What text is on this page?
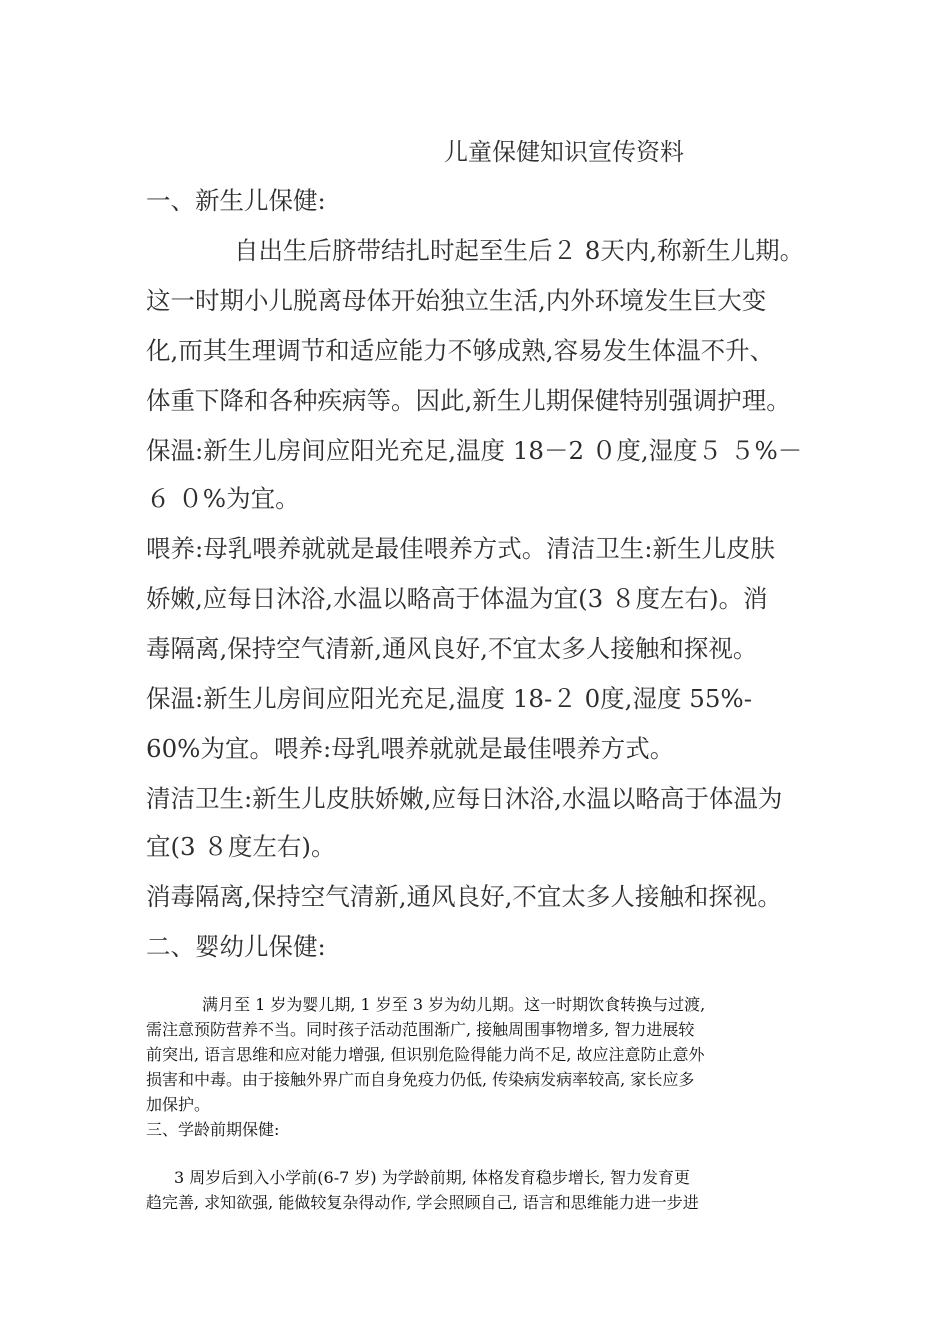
儿童保健知识宣传资料
一、新生儿保健:
自出生后脐带结扎时起至生后２ 8天内,称新生儿期。
这一时期小儿脱离母体开始独立生活,内外环境发生巨大变
化,而其生理调节和适应能力不够成熟,容易发生体温不升、
体重下降和各种疾病等。因此,新生儿期保健特别强调护理。
保温:新生儿房间应阳光充足,温度 18－2 ０度,湿度５ ５%－
６ ０%为宜。
喂养:母乳喂养就就是最佳喂养方式。清洁卫生:新生儿皮肤
娇嫩,应每日沐浴,水温以略高于体温为宜(3 ８度左右)。消
毒隔离,保持空气清新,通风良好,不宜太多人接触和探视。
保温:新生儿房间应阳光充足,温度 18-２ 0度,湿度 55%-
60%为宜。喂养:母乳喂养就就是最佳喂养方式。
清洁卫生:新生儿皮肤娇嫩,应每日沐浴,水温以略高于体温为
宜(3 ８度左右)。
消毒隔离,保持空气清新,通风良好,不宜太多人接触和探视。
二、婴幼儿保健:
满月至 1 岁为婴儿期, 1 岁至 3 岁为幼儿期。这一时期饮食转换与过渡,
需注意预防营养不当。同时孩子活动范围渐广, 接触周围事物增多, 智力进展较
前突出, 语言思维和应对能力增强, 但识别危险得能力尚不足, 故应注意防止意外
损害和中毒。由于接触外界广而自身免疫力仍低, 传染病发病率较高, 家长应多
加保护。
三、学龄前期保健:
3 周岁后到入小学前(6-7 岁) 为学龄前期, 体格发育稳步增长, 智力发育更
趋完善, 求知欲强, 能做较复杂得动作, 学会照顾自己, 语言和思维能力进一步进
